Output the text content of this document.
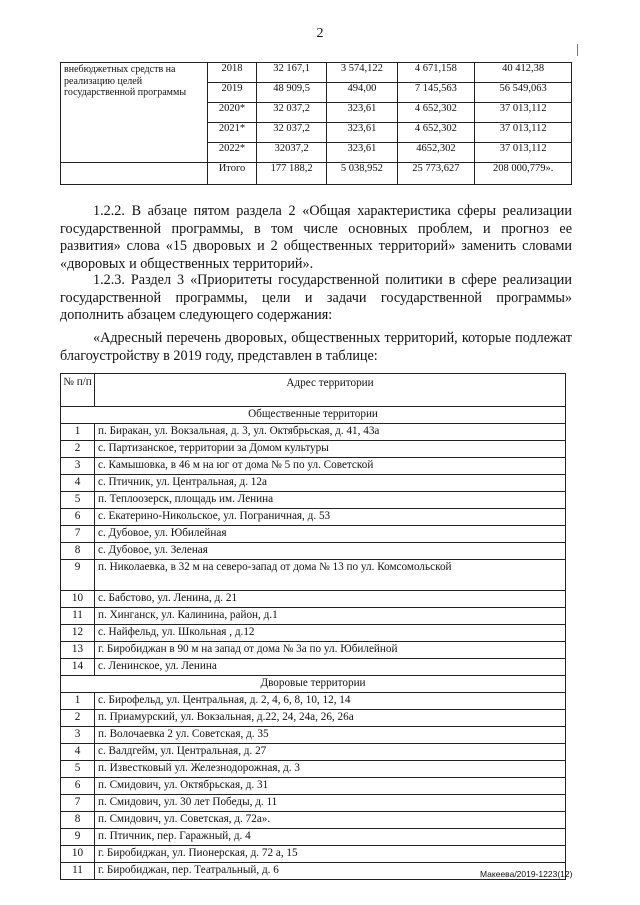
2
внебюджетных средств на реализацию целей государственной программы	2018	32 167,1	3 574,122	4 671,158	40 412,38
	2019	48 909,5	494,00	7 145,563	56 549,063
	2020*	32 037,2	323,61	4 652,302	37 013,112
	2021*	32 037,2	323,61	4 652,302	37 013,112
	2022*	32037,2	323,61	4652,302	37 013,112
	Итого	177 188,2	5 038,952	25 773,627	208 000,779».
1.2.2. В абзаце пятом раздела 2 «Общая характеристика сферы реализации государственной программы, в том числе основных проблем, и прогноз ее развития» слова «15 дворовых и 2 общественных территорий» заменить словами «дворовых и общественных территорий».
1.2.3. Раздел 3 «Приоритеты государственной политики в сфере реализации государственной программы, цели и задачи государственной программы» дополнить абзацем следующего содержания:
«Адресный перечень дворовых, общественных территорий, которые подлежат благоустройству в 2019 году, представлен в таблице:
№ п/п	Адрес территории
Общественные территории	
1	п. Биракан, ул. Вокзальная, д. 3, ул. Октябрьская, д. 41, 43а
2	с. Партизанское, территории за Домом культуры
3	с. Камышовка, в 46 м на юг от дома № 5 по ул. Советской
4	с. Птичник, ул. Центральная, д. 12а
5	п. Теплоозерск, площадь им. Ленина
6	с. Екатерино-Никольское, ул. Пограничная, д. 53
7	с. Дубовое, ул. Юбилейная
8	с. Дубовое, ул. Зеленая
9	п. Николаевка, в 32 м на северо-запад от дома № 13 по ул. Комсомольской
10	с. Бабстово, ул. Ленина, д. 21
11	п. Хинганск, ул. Калинина, район, д.1
12	с. Найфельд, ул. Школьная , д.12
13	г. Биробиджан в 90 м на запад от дома № 3а по ул. Юбилейной
14	с. Ленинское, ул. Ленина
Дворовые территории	
1	с. Бирофельд, ул. Центральная, д. 2, 4, 6, 8, 10, 12, 14
2	п. Приамурский, ул. Вокзальная, д.22, 24, 24а, 26, 26а
3	п. Волочаевка 2 ул. Советская, д. 35
4	с. Валдгейм, ул. Центральная, д. 27
5	п. Известковый ул. Железнодорожная, д. 3
6	п. Смидович, ул. Октябрьская, д. 31
7	п. Смидович, ул. 30 лет Победы, д. 11
8	п. Смидович, ул. Советская, д. 72а».
9	п. Птичник, пер. Гаражный, д. 4
10	г. Биробиджан, ул. Пионерская, д. 72 а, 15
11	г. Биробиджан, пер. Театральный, д. 6	Макеева/2019-1223(12)
